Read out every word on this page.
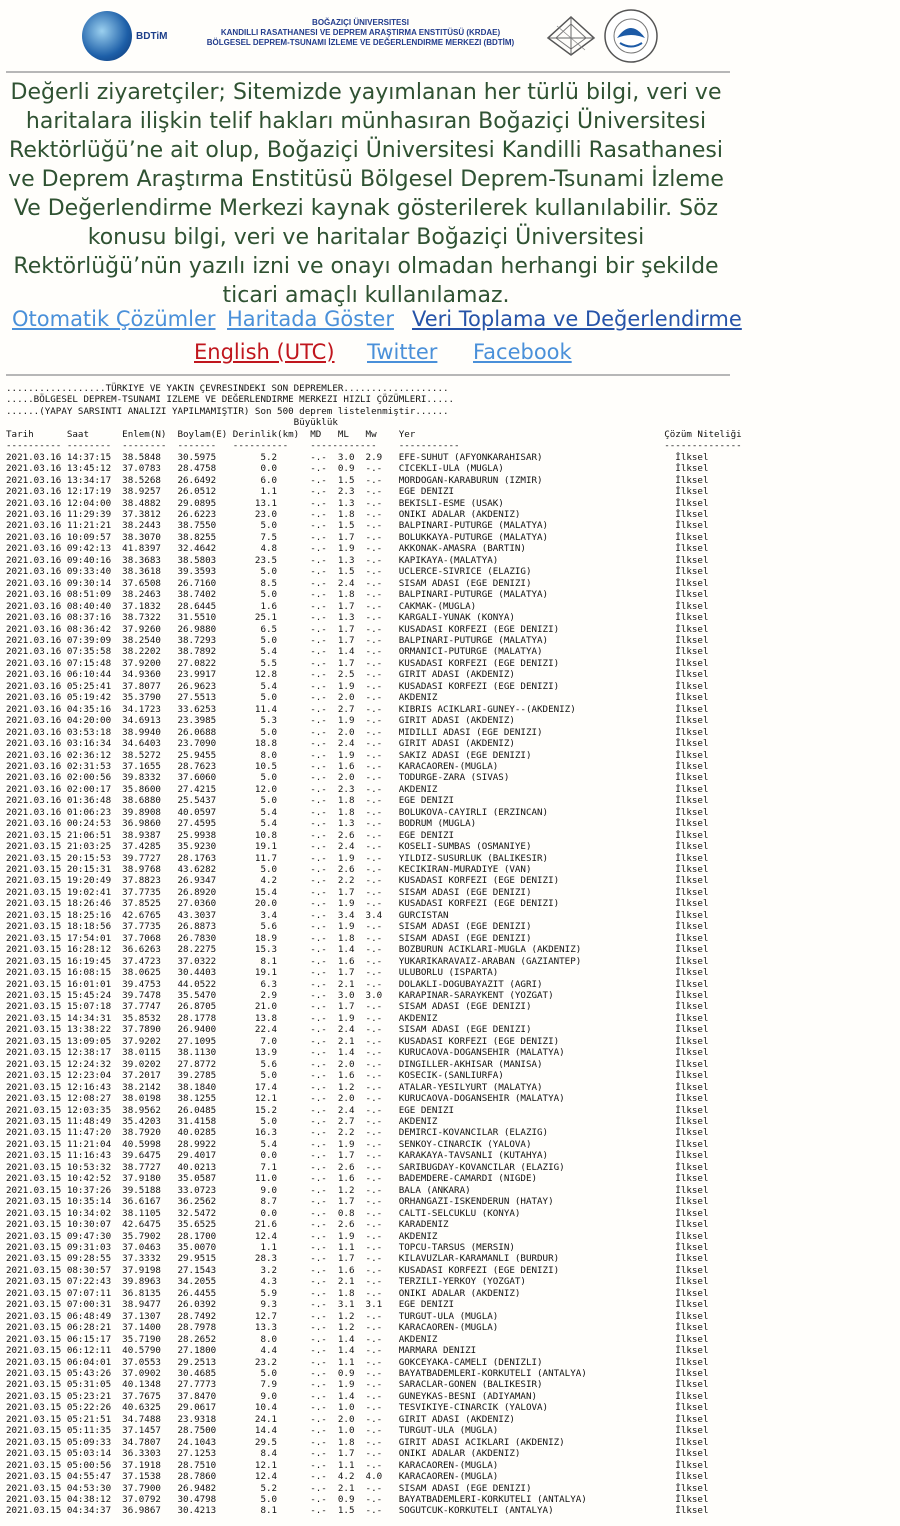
BDTiM
BOĞAZIÇI ÜNIVERSITESI
KANDILLI RASATHANESI VE DEPREM ARAŞTIRMA ENSTITÜSÜ (KRDAE)
BÖLGESEL DEPREM-TSUNAMI İZLEME VE DEĞERLENDIRME MERKEZI (BDTİM)

Değerli ziyaretçiler; Sitemizde yayımlanan her türlü bilgi, veri ve haritalara ilişkin telif hakları münhasıran Boğaziçi Üniversitesi Rektörlüğü’ne ait olup, Boğaziçi Üniversitesi Kandilli Rasathanesi ve Deprem Araştırma Enstitüsü Bölgesel Deprem-Tsunami İzleme Ve Değerlendirme Merkezi kaynak gösterilerek kullanılabilir. Söz konusu bilgi, veri ve haritalar Boğaziçi Üniversitesi Rektörlüğü’nün yazılı izni ve onayı olmadan herhangi bir şekilde ticari amaçlı kullanılamaz.

Otomatik Çözümler Haritada Göster Veri Toplama ve Değerlendirme
English (UTC) Twitter Facebook
..................TÜRKIYE VE YAKIN ÇEVRESINDEKI SON DEPREMLER...................
.....BÖLGESEL DEPREM-TSUNAMI IZLEME VE DEĞERLENDIRME MERKEZI HIZLI ÇÖZÜMLERI.....
......(YAPAY SARSINTI ANALIZI YAPILMAMIŞTIR) Son 500 deprem listelenmiştir......
Büyüklük
Tarih      Saat      Enlem(N)  Boylam(E) Derinlik(km)  MD   ML   Mw    Yer                                             Çözüm Niteliği
---------- --------  --------  -------   ----------    ------------    -----------                                     --------------
2021.03.16 14:37:15  38.5848   30.5975        5.2      -.-  3.0  2.9   EFE-SUHUT (AFYONKARAHISAR)                        İlksel
2021.03.16 13:45:12  37.0783   28.4758        0.0      -.-  0.9  -.-   CICEKLI-ULA (MUGLA)                               İlksel
2021.03.16 13:34:17  38.5268   26.6492        6.0      -.-  1.5  -.-   MORDOGAN-KARABURUN (IZMIR)                        İlksel
2021.03.16 12:17:19  38.9257   26.0512        1.1      -.-  2.3  -.-   EGE DENIZI                                        İlksel
2021.03.16 12:04:00  38.4882   29.0895       13.1      -.-  1.3  -.-   BEKISLI-ESME (USAK)                               İlksel
2021.03.16 11:29:39  37.3812   26.6223       23.0      -.-  1.8  -.-   ONIKI ADALAR (AKDENIZ)                            İlksel
2021.03.16 11:21:21  38.2443   38.7550        5.0      -.-  1.5  -.-   BALPINARI-PUTURGE (MALATYA)                       İlksel
2021.03.16 10:09:57  38.3070   38.8255        7.5      -.-  1.7  -.-   BOLUKKAYA-PUTURGE (MALATYA)                       İlksel
2021.03.16 09:42:13  41.8397   32.4642        4.8      -.-  1.9  -.-   AKKONAK-AMASRA (BARTIN)                           İlksel
2021.03.16 09:40:16  38.3683   38.5803       23.5      -.-  1.3  -.-   KAPIKAYA-(MALATYA)                                İlksel
2021.03.16 09:33:40  38.3618   39.3593        5.0      -.-  1.5  -.-   UCLERCE-SIVRICE (ELAZIG)                          İlksel
2021.03.16 09:30:14  37.6508   26.7160        8.5      -.-  2.4  -.-   SISAM ADASI (EGE DENIZI)                          İlksel
2021.03.16 08:51:09  38.2463   38.7402        5.0      -.-  1.8  -.-   BALPINARI-PUTURGE (MALATYA)                       İlksel
2021.03.16 08:40:40  37.1832   28.6445        1.6      -.-  1.7  -.-   CAKMAK-(MUGLA)                                    İlksel
2021.03.16 08:37:16  38.7322   31.5510       25.1      -.-  1.3  -.-   KARGALI-YUNAK (KONYA)                             İlksel
2021.03.16 08:36:42  37.9260   26.9880        6.5      -.-  1.7  -.-   KUSADASI KORFEZI (EGE DENIZI)                     İlksel
2021.03.16 07:39:09  38.2540   38.7293        5.0      -.-  1.7  -.-   BALPINARI-PUTURGE (MALATYA)                       İlksel
2021.03.16 07:35:58  38.2202   38.7892        5.4      -.-  1.4  -.-   ORMANICI-PUTURGE (MALATYA)                        İlksel
2021.03.16 07:15:48  37.9200   27.0822        5.5      -.-  1.7  -.-   KUSADASI KORFEZI (EGE DENIZI)                     İlksel
2021.03.16 06:10:44  34.9360   23.9917       12.8      -.-  2.5  -.-   GIRIT ADASI (AKDENIZ)                             İlksel
2021.03.16 05:25:41  37.8077   26.9623        5.4      -.-  1.9  -.-   KUSADASI KORFEZI (EGE DENIZI)                     İlksel
2021.03.16 05:19:42  35.3790   27.5513        5.0      -.-  2.0  -.-   AKDENIZ                                           İlksel
2021.03.16 04:35:16  34.1723   33.6253       11.4      -.-  2.7  -.-   KIBRIS ACIKLARI-GUNEY--(AKDENIZ)                  İlksel
2021.03.16 04:20:00  34.6913   23.3985        5.3      -.-  1.9  -.-   GIRIT ADASI (AKDENIZ)                             İlksel
2021.03.16 03:53:18  38.9940   26.0688        5.0      -.-  2.0  -.-   MIDILLI ADASI (EGE DENIZI)                        İlksel
2021.03.16 03:16:34  34.6403   23.7090       18.8      -.-  2.4  -.-   GIRIT ADASI (AKDENIZ)                             İlksel
2021.03.16 02:36:12  38.5272   25.9455        8.0      -.-  1.9  -.-   SAKIZ ADASI (EGE DENIZI)                          İlksel
2021.03.16 02:31:53  37.1655   28.7623       10.5      -.-  1.6  -.-   KARACAOREN-(MUGLA)                                İlksel
2021.03.16 02:00:56  39.8332   37.6060        5.0      -.-  2.0  -.-   TODURGE-ZARA (SIVAS)                              İlksel
2021.03.16 02:00:17  35.8600   27.4215       12.0      -.-  2.3  -.-   AKDENIZ                                           İlksel
2021.03.16 01:36:48  38.6880   25.5437        5.0      -.-  1.8  -.-   EGE DENIZI                                        İlksel
2021.03.16 01:06:23  39.8908   40.0597        5.4      -.-  1.8  -.-   BOLUKOVA-CAYIRLI (ERZINCAN)                       İlksel
2021.03.16 00:24:53  36.9860   27.4595        5.4      -.-  1.3  -.-   BODRUM (MUGLA)                                    İlksel
2021.03.15 21:06:51  38.9387   25.9938       10.8      -.-  2.6  -.-   EGE DENIZI                                        İlksel
2021.03.15 21:03:25  37.4285   35.9230       19.1      -.-  2.4  -.-   KOSELI-SUMBAS (OSMANIYE)                          İlksel
2021.03.15 20:15:53  39.7727   28.1763       11.7      -.-  1.9  -.-   YILDIZ-SUSURLUK (BALIKESIR)                       İlksel
2021.03.15 20:15:31  38.9768   43.6282        5.0      -.-  2.6  -.-   KECIKIRAN-MURADIYE (VAN)                          İlksel
2021.03.15 19:20:49  37.8823   26.9347        4.2      -.-  2.2  -.-   KUSADASI KORFEZI (EGE DENIZI)                     İlksel
2021.03.15 19:02:41  37.7735   26.8920       15.4      -.-  1.7  -.-   SISAM ADASI (EGE DENIZI)                          İlksel
2021.03.15 18:26:46  37.8525   27.0360       20.0      -.-  1.9  -.-   KUSADASI KORFEZI (EGE DENIZI)                     İlksel
2021.03.15 18:25:16  42.6765   43.3037        3.4      -.-  3.4  3.4   GURCISTAN                                         İlksel
2021.03.15 18:18:56  37.7735   26.8873        5.6      -.-  1.9  -.-   SISAM ADASI (EGE DENIZI)                          İlksel
2021.03.15 17:54:01  37.7068   26.7830       18.9      -.-  1.8  -.-   SISAM ADASI (EGE DENIZI)                          İlksel
2021.03.15 16:28:12  36.6263   28.2275       15.3      -.-  1.4  -.-   BOZBURUN ACIKLARI-MUGLA (AKDENIZ)                 İlksel
2021.03.15 16:19:45  37.4723   37.0322        8.1      -.-  1.6  -.-   YUKARIKARAVAIZ-ARABAN (GAZIANTEP)                 İlksel
2021.03.15 16:08:15  38.0625   30.4403       19.1      -.-  1.7  -.-   ULUBORLU (ISPARTA)                                İlksel
2021.03.15 16:01:01  39.4753   44.0522        6.3      -.-  2.1  -.-   DOLAKLI-DOGUBAYAZIT (AGRI)                        İlksel
2021.03.15 15:45:24  39.7478   35.5470        2.9      -.-  3.0  3.0   KARAPINAR-SARAYKENT (YOZGAT)                      İlksel
2021.03.15 15:07:18  37.7747   26.8705       21.0      -.-  1.7  -.-   SISAM ADASI (EGE DENIZI)                          İlksel
2021.03.15 14:34:31  35.8532   28.1778       13.8      -.-  1.9  -.-   AKDENIZ                                           İlksel
2021.03.15 13:38:22  37.7890   26.9400       22.4      -.-  2.4  -.-   SISAM ADASI (EGE DENIZI)                          İlksel
2021.03.15 13:09:05  37.9202   27.1095        7.0      -.-  2.1  -.-   KUSADASI KORFEZI (EGE DENIZI)                     İlksel
2021.03.15 12:38:17  38.0115   38.1130       13.9      -.-  1.4  -.-   KURUCAOVA-DOGANSEHIR (MALATYA)                    İlksel
2021.03.15 12:24:32  39.0202   27.8772        5.6      -.-  2.0  -.-   DINGILLER-AKHISAR (MANISA)                        İlksel
2021.03.15 12:23:04  37.2017   39.2785        5.0      -.-  1.6  -.-   KOSECIK-(SANLIURFA)                               İlksel
2021.03.15 12:16:43  38.2142   38.1840       17.4      -.-  1.2  -.-   ATALAR-YESILYURT (MALATYA)                        İlksel
2021.03.15 12:08:27  38.0198   38.1255       12.1      -.-  2.0  -.-   KURUCAOVA-DOGANSEHIR (MALATYA)                    İlksel
2021.03.15 12:03:35  38.9562   26.0485       15.2      -.-  2.4  -.-   EGE DENIZI                                        İlksel
2021.03.15 11:48:49  35.4203   31.4158        5.0      -.-  2.7  -.-   AKDENIZ                                           İlksel
2021.03.15 11:47:20  38.7920   40.0285       16.3      -.-  2.2  -.-   DEMIRCI-KOVANCILAR (ELAZIG)                       İlksel
2021.03.15 11:21:04  40.5998   28.9922        5.4      -.-  1.9  -.-   SENKOY-CINARCIK (YALOVA)                          İlksel
2021.03.15 11:16:43  39.6475   29.4017        0.0      -.-  1.7  -.-   KARAKAYA-TAVSANLI (KUTAHYA)                       İlksel
2021.03.15 10:53:32  38.7727   40.0213        7.1      -.-  2.6  -.-   SARIBUGDAY-KOVANCILAR (ELAZIG)                    İlksel
2021.03.15 10:42:52  37.9180   35.0587       11.0      -.-  1.6  -.-   BADEMDERE-CAMARDI (NIGDE)                         İlksel
2021.03.15 10:37:26  39.5188   33.0723        9.0      -.-  1.2  -.-   BALA (ANKARA)                                     İlksel
2021.03.15 10:35:14  36.6167   36.2562        8.7      -.-  1.7  -.-   ORHANGAZI-ISKENDERUN (HATAY)                      İlksel
2021.03.15 10:34:02  38.1105   32.5472        0.0      -.-  0.8  -.-   CALTI-SELCUKLU (KONYA)                            İlksel
2021.03.15 10:30:07  42.6475   35.6525       21.6      -.-  2.6  -.-   KARADENIZ                                         İlksel
2021.03.15 09:47:30  35.7902   28.1700       12.4      -.-  1.9  -.-   AKDENIZ                                           İlksel
2021.03.15 09:31:03  37.0463   35.0070        1.1      -.-  1.1  -.-   TOPCU-TARSUS (MERSIN)                             İlksel
2021.03.15 09:28:55  37.3332   29.9515       28.3      -.-  1.7  -.-   KILAVUZLAR-KARAMANLI (BURDUR)                     İlksel
2021.03.15 08:30:57  37.9198   27.1543        3.2      -.-  1.6  -.-   KUSADASI KORFEZI (EGE DENIZI)                     İlksel
2021.03.15 07:22:43  39.8963   34.2055        4.3      -.-  2.1  -.-   TERZILI-YERKOY (YOZGAT)                           İlksel
2021.03.15 07:07:11  36.8135   26.4455        5.9      -.-  1.8  -.-   ONIKI ADALAR (AKDENIZ)                            İlksel
2021.03.15 07:00:31  38.9477   26.0392        9.3      -.-  3.1  3.1   EGE DENIZI                                        İlksel
2021.03.15 06:48:49  37.1307   28.7492       12.7      -.-  1.2  -.-   TURGUT-ULA (MUGLA)                                İlksel
2021.03.15 06:28:21  37.1400   28.7978       13.3      -.-  1.2  -.-   KARACAOREN-(MUGLA)                                İlksel
2021.03.15 06:15:17  35.7190   28.2652        8.0      -.-  1.4  -.-   AKDENIZ                                           İlksel
2021.03.15 06:12:11  40.5790   27.1800        4.4      -.-  1.4  -.-   MARMARA DENIZI                                    İlksel
2021.03.15 06:04:01  37.0553   29.2513       23.2      -.-  1.1  -.-   GOKCEYAKA-CAMELI (DENIZLI)                        İlksel
2021.03.15 05:43:26  37.0902   30.4685        5.0      -.-  0.9  -.-   BAYATBADEMLERI-KORKUTELI (ANTALYA)                İlksel
2021.03.15 05:31:05  40.1348   27.7773        7.9      -.-  1.9  -.-   SARACLAR-GONEN (BALIKESIR)                        İlksel
2021.03.15 05:23:21  37.7675   37.8470        9.0      -.-  1.4  -.-   GUNEYKAS-BESNI (ADIYAMAN)                         İlksel
2021.03.15 05:22:26  40.6325   29.0617       10.4      -.-  1.0  -.-   TESVIKIYE-CINARCIK (YALOVA)                       İlksel
2021.03.15 05:21:51  34.7488   23.9318       24.1      -.-  2.0  -.-   GIRIT ADASI (AKDENIZ)                             İlksel
2021.03.15 05:11:35  37.1457   28.7500       14.4      -.-  1.0  -.-   TURGUT-ULA (MUGLA)                                İlksel
2021.03.15 05:09:33  34.7807   24.1043       29.5      -.-  1.8  -.-   GIRIT ADASI ACIKLARI (AKDENIZ)                    İlksel
2021.03.15 05:03:14  36.3303   27.1253        8.4      -.-  1.7  -.-   ONIKI ADALAR (AKDENIZ)                            İlksel
2021.03.15 05:00:56  37.1918   28.7510       12.1      -.-  1.1  -.-   KARACAOREN-(MUGLA)                                İlksel
2021.03.15 04:55:47  37.1538   28.7860       12.4      -.-  4.2  4.0   KARACAOREN-(MUGLA)                                İlksel
2021.03.15 04:53:30  37.7900   26.9482        5.2      -.-  2.1  -.-   SISAM ADASI (EGE DENIZI)                          İlksel
2021.03.15 04:38:12  37.0792   30.4798        5.0      -.-  0.9  -.-   BAYATBADEMLERI-KORKUTELI (ANTALYA)                İlksel
2021.03.15 04:34:37  36.9867   30.4213        8.1      -.-  1.5  -.-   SOGUTCUK-KORKUTELI (ANTALYA)                      İlksel
